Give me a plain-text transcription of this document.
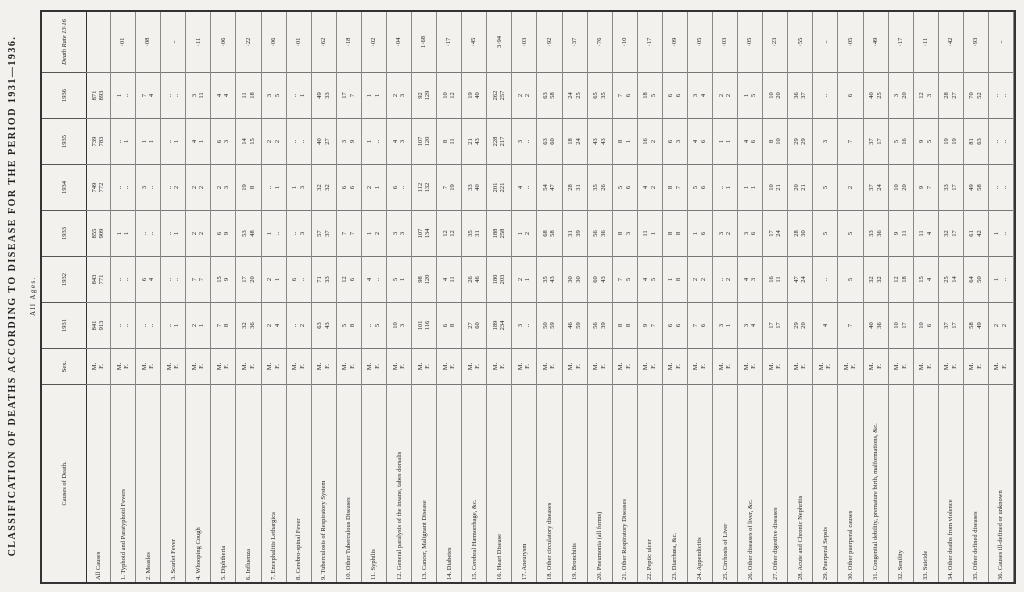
CLASSIFICATION OF DEATHS ACCORDING TO DISEASE FOR THE PERIOD 1931—1936.	All Ages.
Causes of Death.
Sex.
1931
1932
1933
1934
1935
1936
Death Rate 13·16
All Causes
M. F.
841 913
843 771
855 909
749 772
739 783
871 893
1. Typhoid and Paratyphoid Fevers
M. F.
.. ..
.. ..
1 1
.. ..
.. 1
1 ..
·01
2. Measles
M. F.
.. ..
6 4
.. ..
3 ..
1 1
7 4
·08
3. Scarlet Fever
M. F.
.. 1
.. ..
.. 1
.. 2
.. 1
.. ..
..
4. Whooping Cough
M. F.
2 1
7 7
2 2
2 2
4 1
3 11
·11
5. Diphtheria
M. F.
7 8
15 9
6 9
2 3
6 3
4 4
·06
6. Influenza
M. F.
32 36
17 20
53 48
19 8
14 15
11 18
·22
7. Encephalitis Lethargica
M. F.
2 4
2 1
1 ..
.. 1
2 2
3 5
·06
8. Cerebro-spinal Fever
M. F.
.. 2
6 ..
.. 3
1 3
.. ..
.. 1
·01
9. Tuberculosis of Respiratory System
M. F.
63 43
71 33
57 37
32 32
40 27
49 33
·62
10. Other Tuberculous Diseases
M. F.
5 8
12 6
7 7
6 6
3 9
17 7
·18
11. Syphilis
M. F.
.. 5
4 ..
1 2
2 1
1 ..
1 1
·02
12. General paralysis of the insane, tabes dorsalis
M. F.
10 3
5 1
3 3
6 ..
4 3
2 3
·04
13. Cancer, Malignant Disease
M. F.
101 116
98 120
107 134
112 132
107 120
92 129
1·68
14. Diabetes
M. F.
6 8
4 11
12 12
7 19
8 11
10 12
·17
15. Cerebral Hæmorrhage, &c.
M. F.
27 60
26 46
35 31
33 40
21 43
19 40
·45
16. Heart Disease
M. F.
189 234
180 203
188 258
201 221
228 217
262 257
3·94
17. Aneurysm
M. F.
3 ..
2 1
1 2
4 ..
3 ..
2 2
·03
18. Other circulatory diseases
M. F.
50 59
35 43
68 58
54 47
63 60
63 58
·92
19. Bronchitis
M. F.
46 59
30 30
31 39
28 31
18 24
24 25
·37
20. Pneumonia (all forms)
M. F.
56 39
60 43
56 36
35 26
43 43
65 35
·76
21. Other Respiratory Diseases
M. F.
8 8
7 5
8 3
5 6
8 1
7 6
·10
22. Peptic ulcer
M. F.
9 7
4 5
11 1
4 2
16 2
18 5
·17
23. Diarrhœa, &c.
M. F.
6 6
1 8
8 8
8 7
6 3
6 6
·09
24. Appendicitis
M. F.
7 6
2 2
1 6
5 6
4 6
3 4
·05
25. Cirrhosis of Liver
M. F.
3 1
.. 2
3 2
.. 1
1 1
2 2
·03
26. Other diseases of liver, &c.
M. F.
3 4
4 3
3 6
1 1
4 6
1 5
·05
27. Other digestive diseases
M. F.
17 17
16 11
17 24
10 21
8 10
10 20
·23
28. Acute and Chronic Nephritis
M. F.
29 20
47 24
28 30
20 21
29 29
36 37
·55
29. Puerperal Sepsis
M. F.
4
..
5
5
3
..
..
30. Other puerperal causes
M. F.
7
5
5
2
7
6
·05
31. Congenital debility, premature birth, malformations, &c.
M. F.
40 36
32 32
33 36
37 24
37 17
40 25
·49
32. Senility
M. F.
10 17
12 18
9 11
10 20
5 16
3 20
·17
33. Suicide
M. F.
10 6
15 4
11 4
9 7
9 5
12 3
·11
34. Other deaths from violence
M. F.
37 17
25 14
32 17
33 17
19 19
28 27
·42
35. Other defined diseases
M. F.
58 49
64 50
61 42
49 58
81 63
70 52
·93
36. Causes ill-defined or unknown
M. F.
2 2
1 ..
1 ..
.. ..
.. ..
.. ..
..
